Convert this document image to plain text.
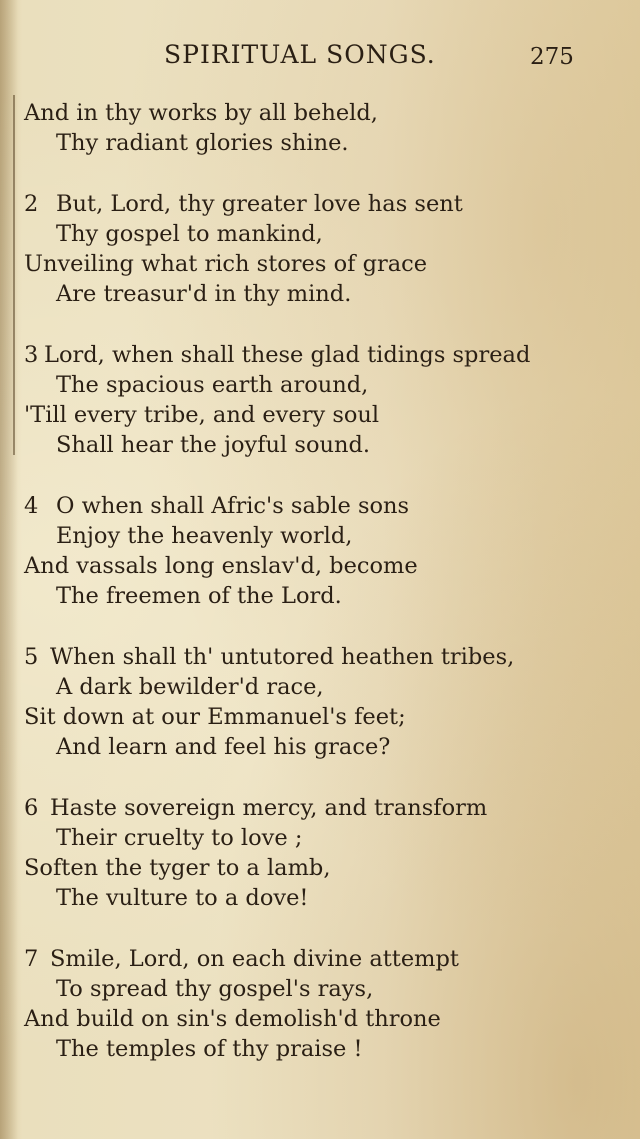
SPIRITUAL SONGS.	275
And in thy works by all beheld,
Thy radiant glories shine.
2 But, Lord, thy greater love has sent
Thy gospel to mankind,
Unveiling what rich stores of grace
Are treasur'd in thy mind.
3 Lord, when shall these glad tidings spread
The spacious earth around,
'Till every tribe, and every soul
Shall hear the joyful sound.
4 O when shall Afric's sable sons
Enjoy the heavenly world,
And vassals long enslav'd, become
The freemen of the Lord.
5 When shall th' untutored heathen tribes,
A dark bewilder'd race,
Sit down at our Emmanuel's feet;
And learn and feel his grace?
6 Haste sovereign mercy, and transform
Their cruelty to love ;
Soften the tyger to a lamb,
The vulture to a dove!
7 Smile, Lord, on each divine attempt
To spread thy gospel's rays,
And build on sin's demolish'd throne
The temples of thy praise !
